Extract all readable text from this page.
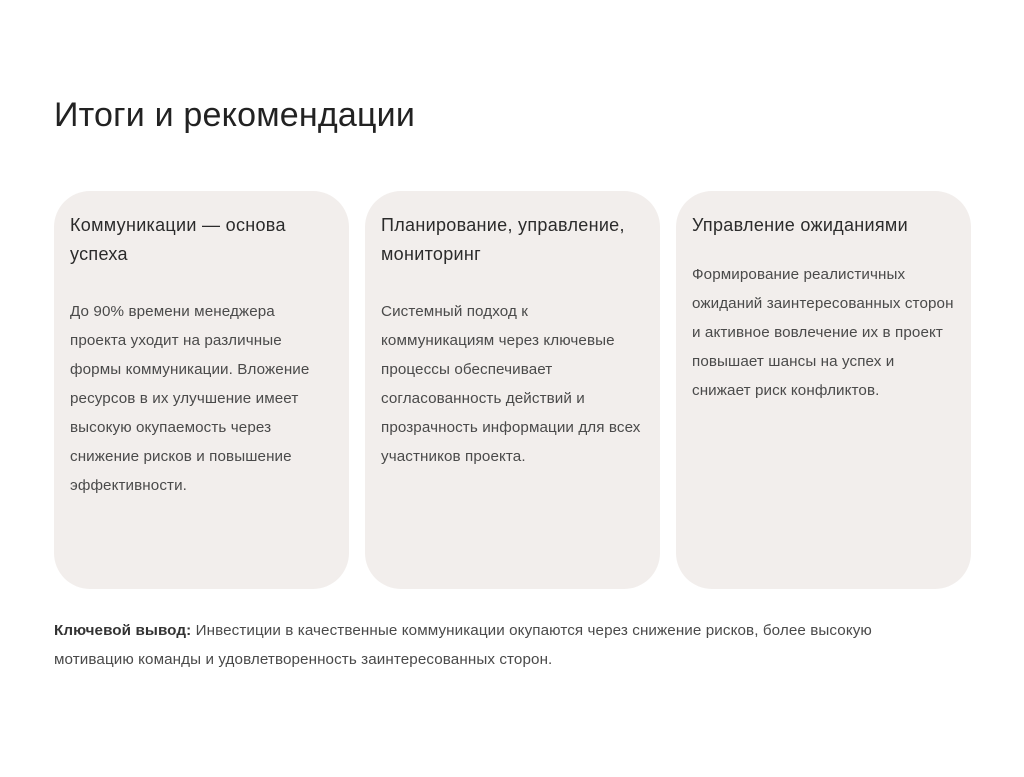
Итоги и рекомендации
Коммуникации — основа успеха
До 90% времени менеджера проекта уходит на различные формы коммуникации. Вложение ресурсов в их улучшение имеет высокую окупаемость через снижение рисков и повышение эффективности.
Планирование, управление, мониторинг
Системный подход к коммуникациям через ключевые процессы обеспечивает согласованность действий и прозрачность информации для всех участников проекта.
Управление ожиданиями
Формирование реалистичных ожиданий заинтересованных сторон и активное вовлечение их в проект повышает шансы на успех и снижает риск конфликтов.
Ключевой вывод: Инвестиции в качественные коммуникации окупаются через снижение рисков, более высокую мотивацию команды и удовлетворенность заинтересованных сторон.
